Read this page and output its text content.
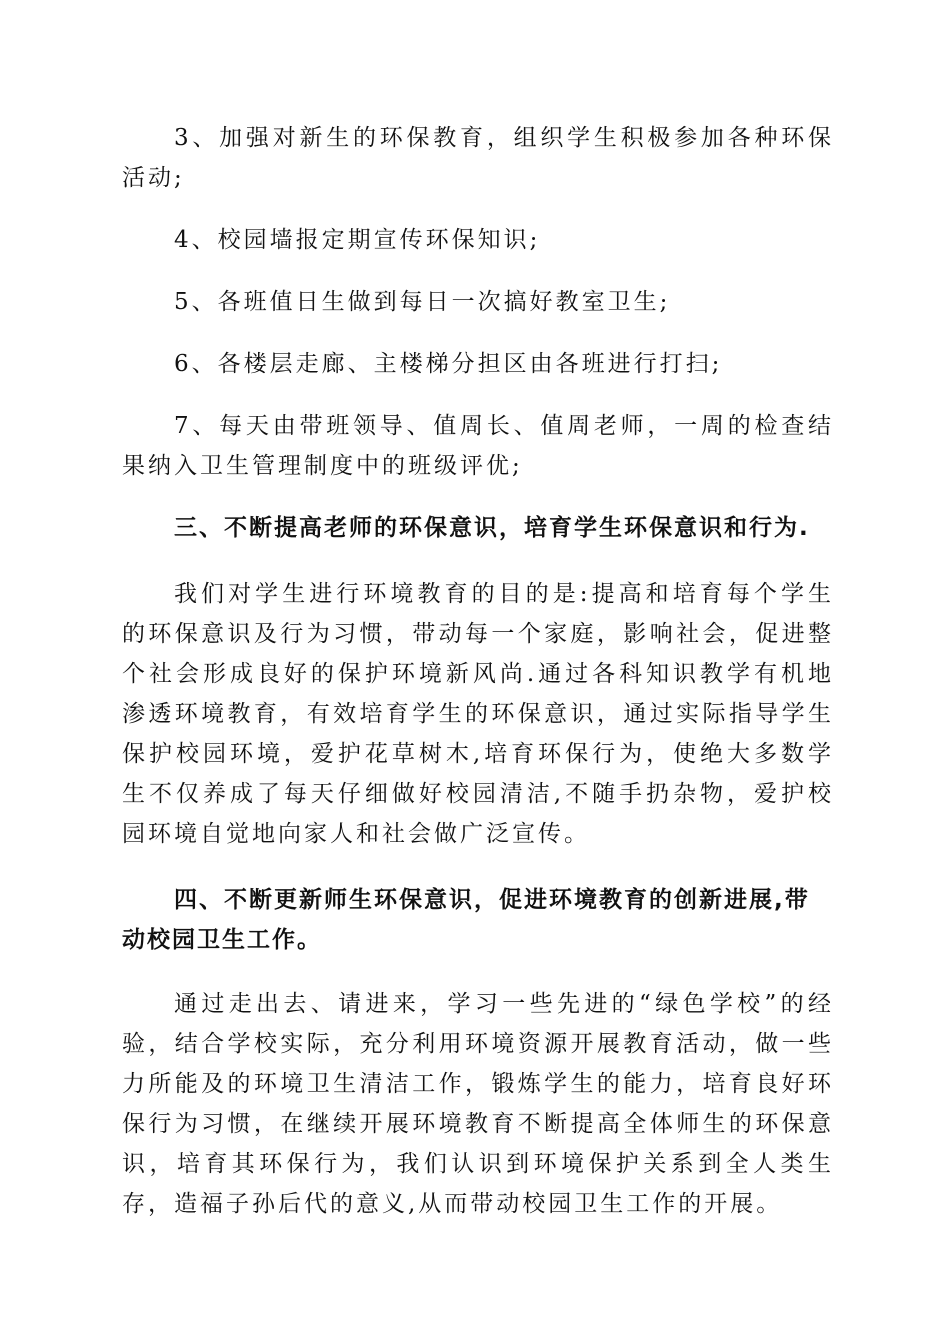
3、加强对新生的环保教育，组织学生积极参加各种环保活动;

4、校园墙报定期宣传环保知识;

5、各班值日生做到每日一次搞好教室卫生;

6、各楼层走廊、主楼梯分担区由各班进行打扫;

7、每天由带班领导、值周长、值周老师，一周的检查结果纳入卫生管理制度中的班级评优;

三、不断提高老师的环保意识，培育学生环保意识和行为.

我们对学生进行环境教育的目的是:提高和培育每个学生的环保意识及行为习惯，带动每一个家庭，影响社会，促进整个社会形成良好的保护环境新风尚.通过各科知识教学有机地渗透环境教育，有效培育学生的环保意识，通过实际指导学生保护校园环境，爱护花草树木,培育环保行为，使绝大多数学生不仅养成了每天仔细做好校园清洁,不随手扔杂物，爱护校园环境自觉地向家人和社会做广泛宣传。

四、不断更新师生环保意识，促进环境教育的创新进展,带动校园卫生工作。

通过走出去、请进来，学习一些先进的“绿色学校”的经验，结合学校实际，充分利用环境资源开展教育活动，做一些力所能及的环境卫生清洁工作，锻炼学生的能力，培育良好环保行为习惯，在继续开展环境教育不断提高全体师生的环保意识，培育其环保行为，我们认识到环境保护关系到全人类生存，造福子孙后代的意义,从而带动校园卫生工作的开展。
